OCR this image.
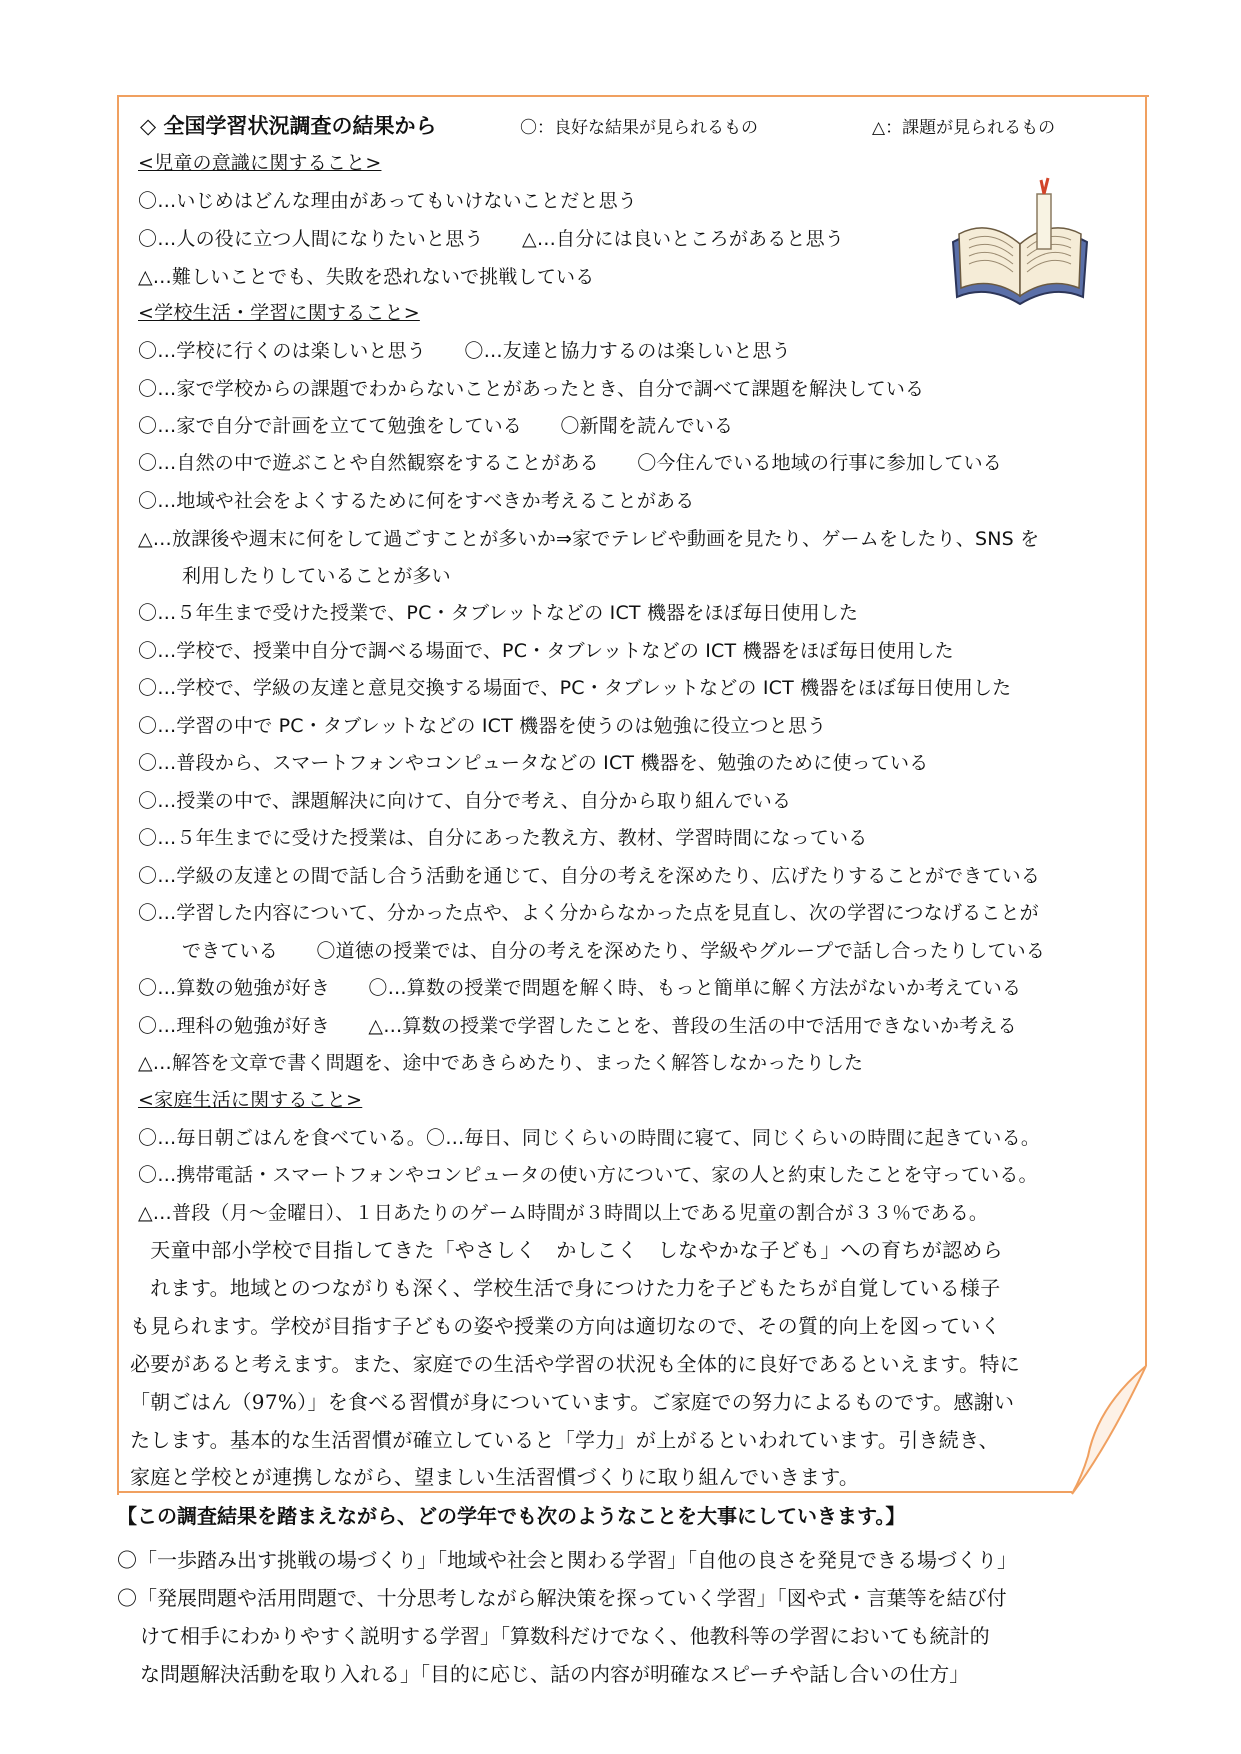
◇ 全国学習状況調査の結果から	〇：良好な結果が見られるもの	△：課題が見られるもの
<児童の意識に関すること>
〇…いじめはどんな理由があってもいけないことだと思う
〇…人の役に立つ人間になりたいと思う　　△…自分には良いところがあると思う
△…難しいことでも、失敗を恐れないで挑戦している
<学校生活・学習に関すること>
〇…学校に行くのは楽しいと思う　　〇…友達と協力するのは楽しいと思う
〇…家で学校からの課題でわからないことがあったとき、自分で調べて課題を解決している
〇…家で自分で計画を立てて勉強をしている　　〇新聞を読んでいる
〇…自然の中で遊ぶことや自然観察をすることがある　　〇今住んでいる地域の行事に参加している
〇…地域や社会をよくするために何をすべきか考えることがある
△…放課後や週末に何をして過ごすことが多いか⇒家でテレビや動画を見たり、ゲームをしたり、SNS を
利用したりしていることが多い
〇…５年生まで受けた授業で、PC・タブレットなどの ICT 機器をほぼ毎日使用した
〇…学校で、授業中自分で調べる場面で、PC・タブレットなどの ICT 機器をほぼ毎日使用した
〇…学校で、学級の友達と意見交換する場面で、PC・タブレットなどの ICT 機器をほぼ毎日使用した
〇…学習の中で PC・タブレットなどの ICT 機器を使うのは勉強に役立つと思う
〇…普段から、スマートフォンやコンピュータなどの ICT 機器を、勉強のために使っている
〇…授業の中で、課題解決に向けて、自分で考え、自分から取り組んでいる
〇…５年生までに受けた授業は、自分にあった教え方、教材、学習時間になっている
〇…学級の友達との間で話し合う活動を通じて、自分の考えを深めたり、広げたりすることができている
〇…学習した内容について、分かった点や、よく分からなかった点を見直し、次の学習につなげることが
できている　　〇道徳の授業では、自分の考えを深めたり、学級やグループで話し合ったりしている
〇…算数の勉強が好き　　〇…算数の授業で問題を解く時、もっと簡単に解く方法がないか考えている
〇…理科の勉強が好き　　△…算数の授業で学習したことを、普段の生活の中で活用できないか考える
△…解答を文章で書く問題を、途中であきらめたり、まったく解答しなかったりした
<家庭生活に関すること>
〇…毎日朝ごはんを食べている。〇…毎日、同じくらいの時間に寝て、同じくらいの時間に起きている。
〇…携帯電話・スマートフォンやコンピュータの使い方について、家の人と約束したことを守っている。
△…普段（月～金曜日）、１日あたりのゲーム時間が３時間以上である児童の割合が３３％である。
　天童中部小学校で目指してきた「やさしく　かしこく　しなやかな子ども」への育ちが認めら
　れます。地域とのつながりも深く、学校生活で身につけた力を子どもたちが自覚している様子
も見られます。学校が目指す子どもの姿や授業の方向は適切なので、その質的向上を図っていく
必要があると考えます。また、家庭での生活や学習の状況も全体的に良好であるといえます。特に
「朝ごはん（97%）」を食べる習慣が身についています。ご家庭での努力によるものです。感謝い
たします。基本的な生活習慣が確立していると「学力」が上がるといわれています。引き続き、
家庭と学校とが連携しながら、望ましい生活習慣づくりに取り組んでいきます。
【この調査結果を踏まえながら、どの学年でも次のようなことを大事にしていきます。】
〇「一歩踏み出す挑戦の場づくり」「地域や社会と関わる学習」「自他の良さを発見できる場づくり」
〇「発展問題や活用問題で、十分思考しながら解決策を探っていく学習」「図や式・言葉等を結び付
けて相手にわかりやすく説明する学習」「算数科だけでなく、他教科等の学習においても統計的
な問題解決活動を取り入れる」「目的に応じ、話の内容が明確なスピーチや話し合いの仕方」
